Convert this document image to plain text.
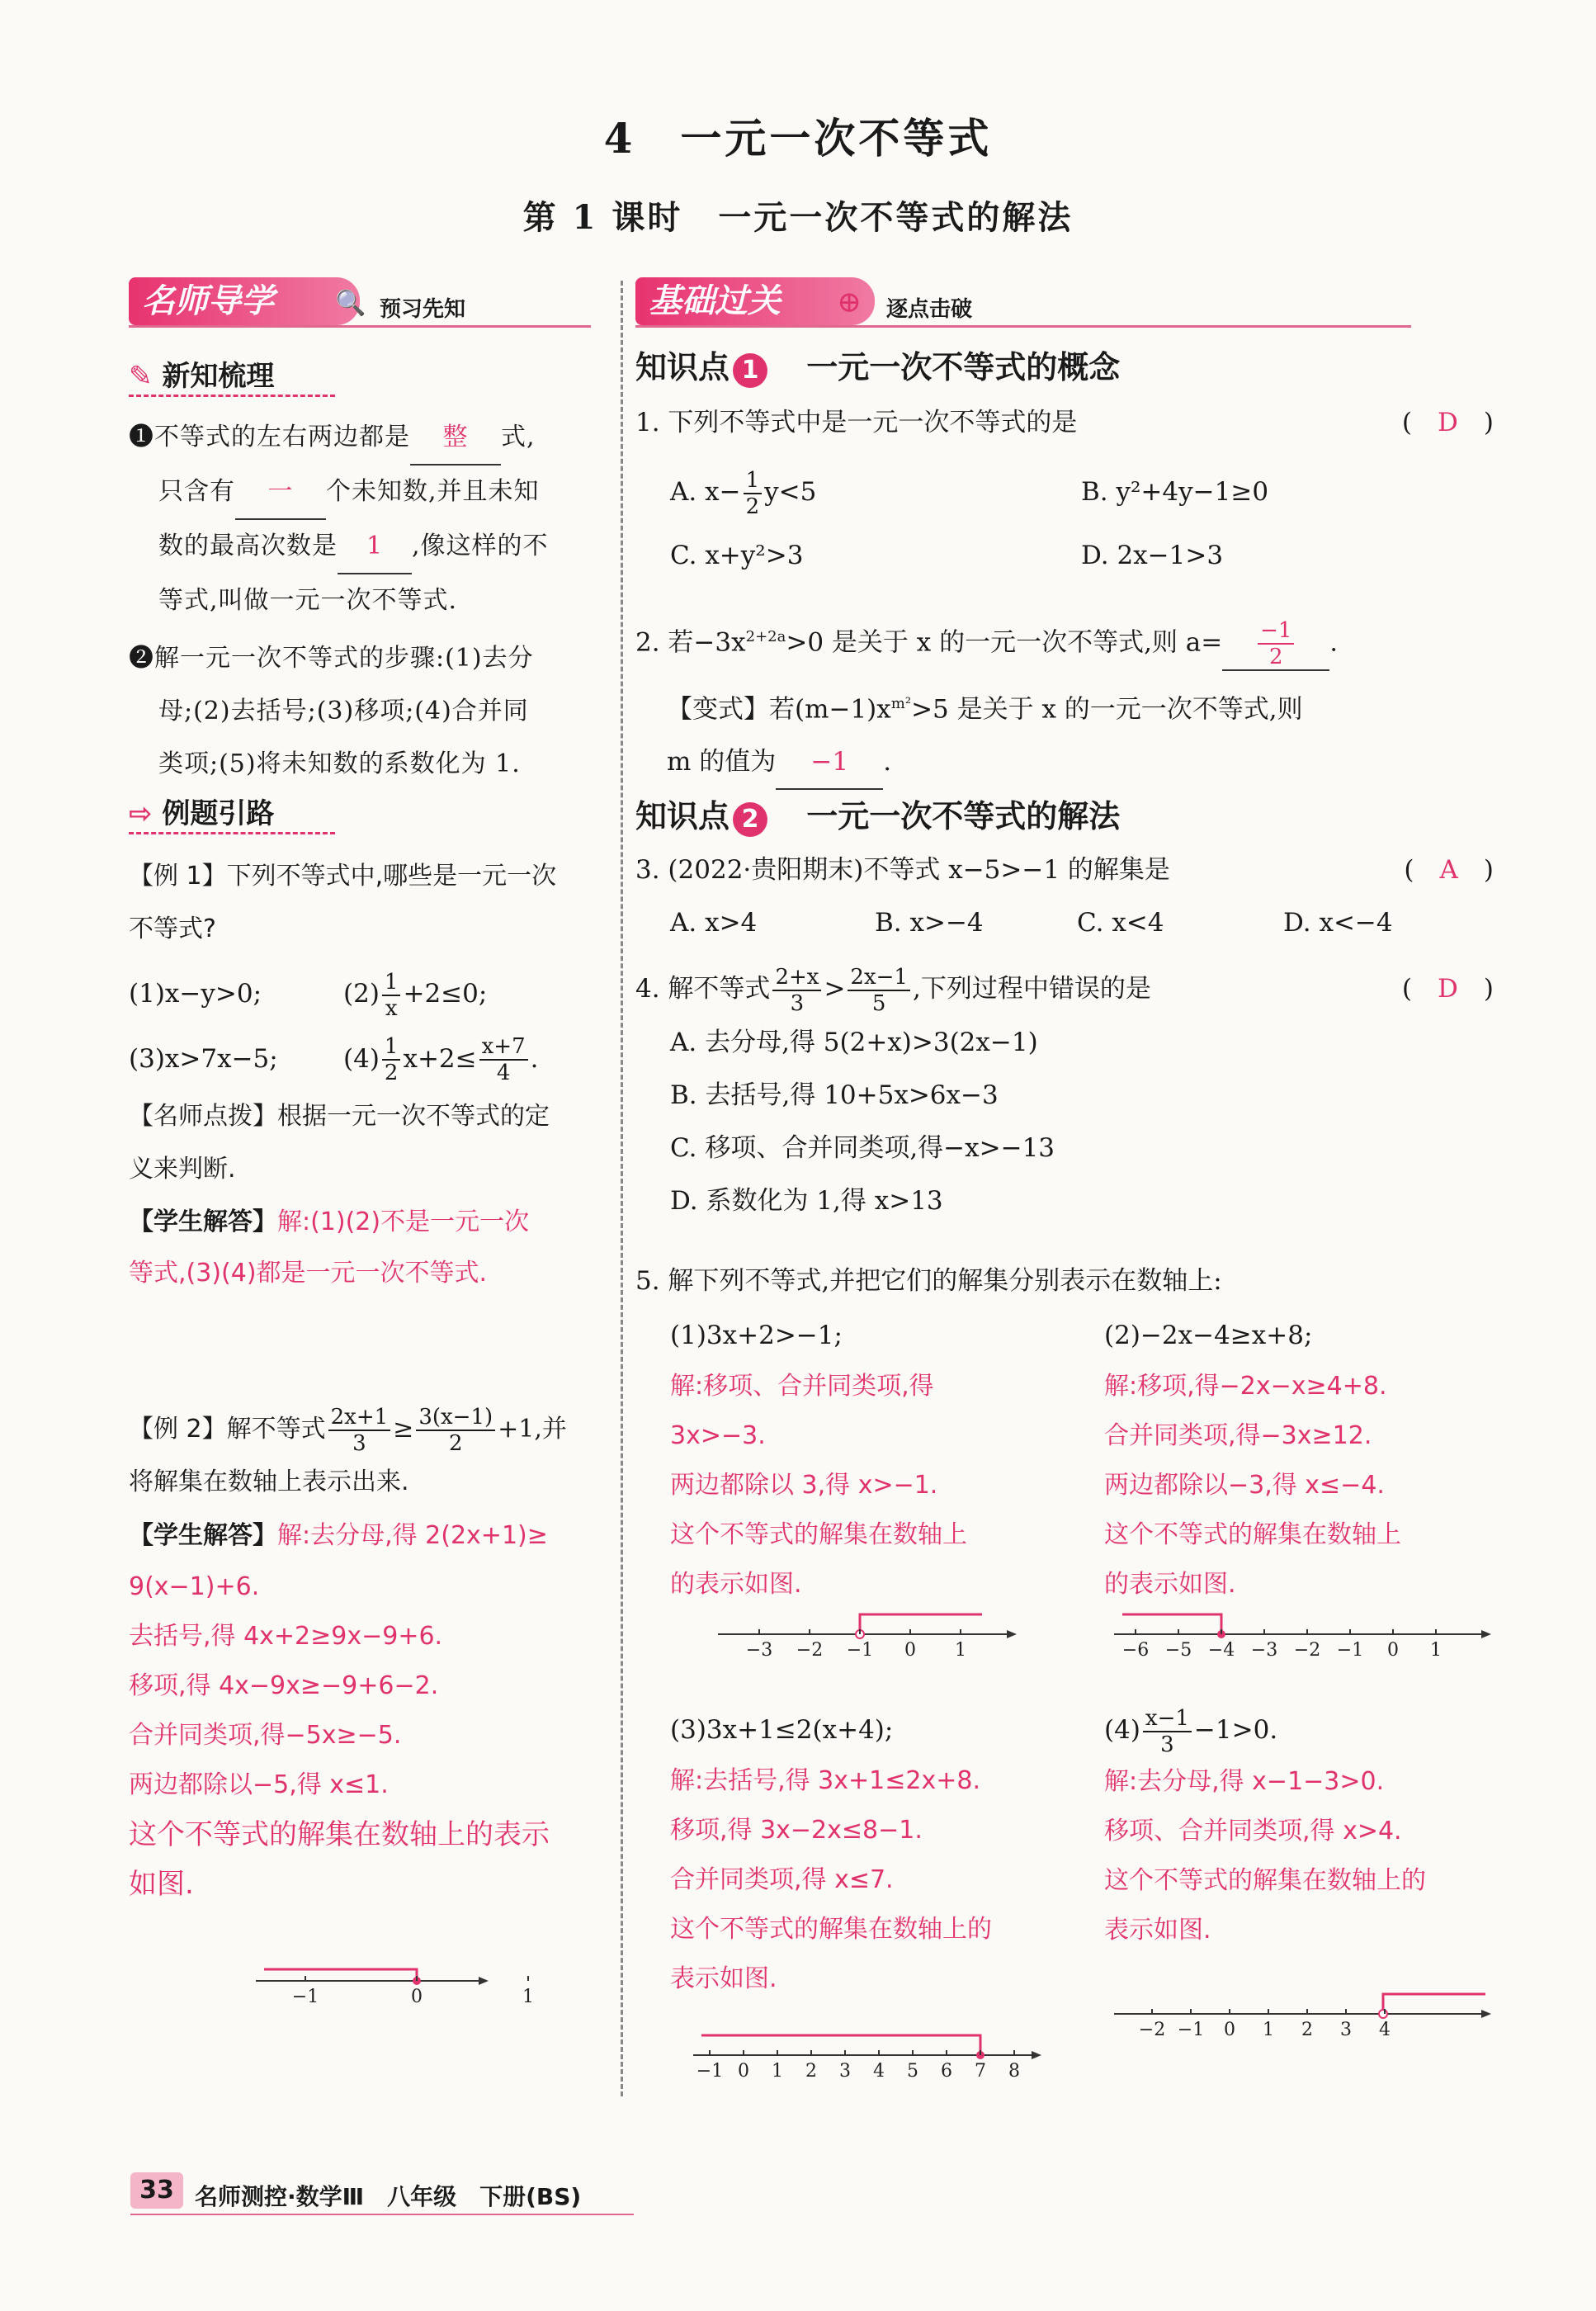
4　一元一次不等式
第 1 课时　一元一次不等式的解法
名师导学	🔍 预习先知
✎ 新知梳理
❶不等式的左右两边都是 整 式,
只含有 一 个未知数,并且未知
数的最高次数是 1 ,像这样的不
等式,叫做一元一次不等式.
❷解一元一次不等式的步骤:(1)去分
母;(2)去括号;(3)移项;(4)合并同
类项;(5)将未知数的系数化为 1.
⇨ 例题引路
【例 1】下列不等式中,哪些是一元一次
不等式?
(1)x−y>0;	$(2) \frac{1}{x} +2\le 0$;
(3)x>7x−5;	$(4) \frac{1}{2} x+2\le \frac{x+7}{4}$ .
【名师点拨】根据一元一次不等式的定
义来判断.
【学生解答】解:(1)(2)不是一元一次
等式,(3)(4)都是一元一次不等式.
【例 2】解不等式 $\frac{2x+1}{3} \ge \frac{3(x-1)}{2} +1$,并
将解集在数轴上表示出来.
【学生解答】解:去分母,得 2(2x+1)≥
9(x−1)+6.
去括号,得 4x+2≥9x−9+6.
移项,得 4x−9x≥−9+6−2.
合并同类项,得−5x≥−5.
两边都除以−5,得 x≤1.
这个不等式的解集在数轴上的表示
如图.
−1	0	1
基础过关	⊕ 逐点击破
知识点 1 一元一次不等式的概念
1. 下列不等式中是一元一次不等式的是	(　D　)
A. $x- \frac{1}{2} y<5$	B. y²+4y−1≥0
C. x+y²>3	D. 2x−1>3
2. 若$-3x^{2+2a}>0$ 是关于 x 的一元一次不等式,则 $a= \frac{-1}{2}$ .
【变式】若$(m-1)x^{m^2}>5$ 是关于 x 的一元一次不等式,则
m 的值为 −1 .
知识点 2 一元一次不等式的解法
3. (2022·贵阳期末)不等式 x−5>−1 的解集是	(　A　)
A. x>4	B. x>−4	C. x<4	D. x<−4
4. 解不等式 $\frac{2+x}{3} > \frac{2x-1}{5}$ ,下列过程中错误的是	(　D　)
A. 去分母,得 5(2+x)>3(2x−1)
B. 去括号,得 10+5x>6x−3
C. 移项、合并同类项,得−x>−13
D. 系数化为 1,得 x>13
5. 解下列不等式,并把它们的解集分别表示在数轴上:
(1)3x+2>−1;
解:移项、合并同类项,得
3x>−3.
两边都除以 3,得 x>−1.
这个不等式的解集在数轴上
的表示如图.
(2)−2x−4≥x+8;
解:移项,得−2x−x≥4+8.
合并同类项,得−3x≥12.
两边都除以−3,得 x≤−4.
这个不等式的解集在数轴上
的表示如图.
−3 −2 −1 0 1	−6 −5 −4 −3 −2 −1 0 1
(3)3x+1≤2(x+4);
解:去括号,得 3x+1≤2x+8.
移项,得 3x−2x≤8−1.
合并同类项,得 x≤7.
这个不等式的解集在数轴上的
表示如图.
$(4) \frac{x-1}{3} -1>0$.
解:去分母,得 x−1−3>0.
移项、合并同类项,得 x>4.
这个不等式的解集在数轴上的
表示如图.
−1 0 1 2 3 4 5 6 7 8
−2 −1 0 1 2 3 4
33 名师测控·数学Ⅲ　八年级　下册(BS)
